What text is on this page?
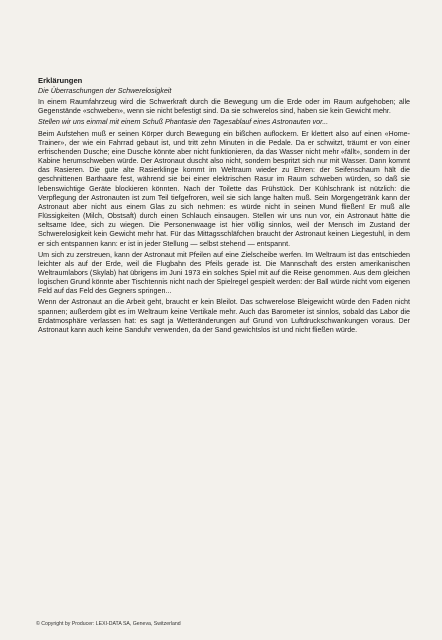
Erklärungen
Die Überraschungen der Schwerelosigkeit

In einem Raumfahrzeug wird die Schwerkraft durch die Bewegung um die Erde oder im Raum aufgehoben; alle Gegenstände «schweben», wenn sie nicht befestigt sind. Da sie schwerelos sind, haben sie kein Gewicht mehr.

Stellen wir uns einmal mit einem Schuß Phantasie den Tagesablauf eines Astronauten vor...

Beim Aufstehen muß er seinen Körper durch Bewegung ein bißchen auflockern. Er klettert also auf einen «Home-Trainer», der wie ein Fahrrad gebaut ist, und tritt zehn Minuten in die Pedale. Da er schwitzt, träumt er von einer erfrischenden Dusche; eine Dusche könnte aber nicht funktionieren, da das Wasser nicht mehr «fällt», sondern in der Kabine herumschweben würde. Der Astronaut duscht also nicht, sondern bespritzt sich nur mit Wasser. Dann kommt das Rasieren. Die gute alte Rasierklinge kommt im Weltraum wieder zu Ehren: der Seifenschaum hält die geschnittenen Barthaare fest, während sie bei einer elektrischen Rasur im Raum schweben würden, so daß sie lebenswichtige Geräte blockieren könnten. Nach der Toilette das Frühstück. Der Kühlschrank ist nützlich: die Verpflegung der Astronauten ist zum Teil tiefgefroren, weil sie sich lange halten muß. Sein Morgengetränk kann der Astronaut aber nicht aus einem Glas zu sich nehmen: es würde nicht in seinen Mund fließen! Er muß alle Flüssigkeiten (Milch, Obstsaft) durch einen Schlauch einsaugen. Stellen wir uns nun vor, ein Astronaut hätte die seltsame Idee, sich zu wiegen. Die Personenwaage ist hier völlig sinnlos, weil der Mensch im Zustand der Schwerelosigkeit kein Gewicht mehr hat. Für das Mittagsschläfchen braucht der Astronaut keinen Liegestuhl, in dem er sich entspannen kann: er ist in jeder Stellung — selbst stehend — entspannt.

Um sich zu zerstreuen, kann der Astronaut mit Pfeilen auf eine Zielscheibe werfen. Im Weltraum ist das entschieden leichter als auf der Erde, weil die Flugbahn des Pfeils gerade ist. Die Mannschaft des ersten amerikanischen Weltraumlabors (Skylab) hat übrigens im Juni 1973 ein solches Spiel mit auf die Reise genommen. Aus dem gleichen logischen Grund könnte aber Tischtennis nicht nach der Spielregel gespielt werden: der Ball würde nicht vom eigenen Feld auf das Feld des Gegners springen...

Wenn der Astronaut an die Arbeit geht, braucht er kein Bleilot. Das schwerelose Bleigewicht würde den Faden nicht spannen; außerdem gibt es im Weltraum keine Vertikale mehr. Auch das Barometer ist sinnlos, sobald das Labor die Erdatmosphäre verlassen hat: es sagt ja Wetteränderungen auf Grund von Luftdruckschwankungen voraus. Der Astronaut kann auch keine Sanduhr verwenden, da der Sand gewichtslos ist und nicht fließen würde.

© Copyright by Producer: LEXI-DATA SA, Geneva, Switzerland
